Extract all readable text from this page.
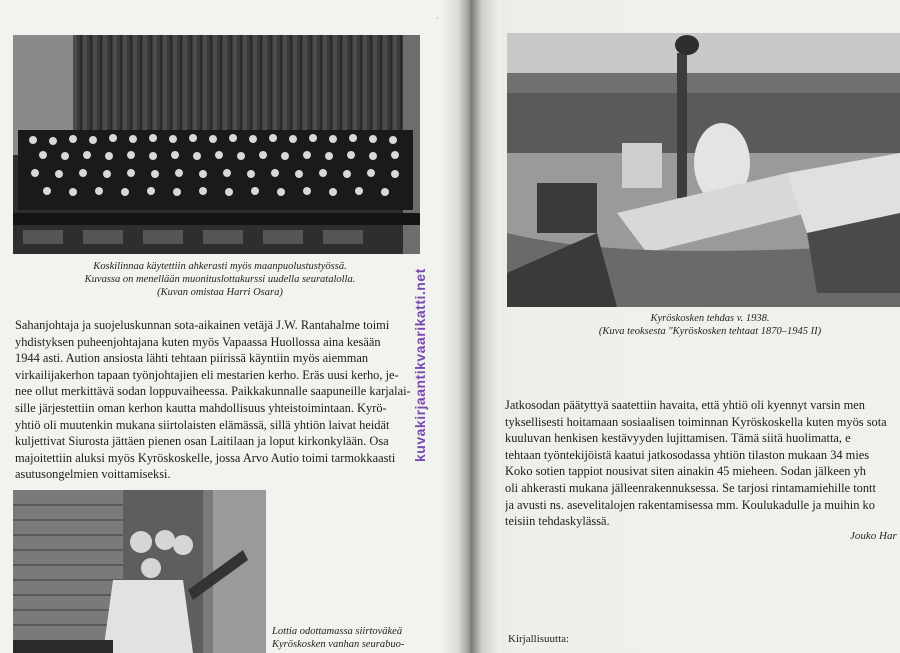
·
Koskilinnaa käytettiin ahkerasti myös maanpuolustustyössä.
Kuvassa on menellään muonituslottakurssi uudella seuratalolla.
(Kuvan omistaa Harri Osara)
Sahanjohtaja ja suojeluskunnan sota-aikainen vetäjä J.W. Rantahalme toimi
yhdistyksen puheenjohtajana kuten myös Vapaassa Huollossa aina kesään
1944 asti. Aution ansiosta lähti tehtaan piirissä käyntiin myös aiemman
virkailijakerhon tapaan työnjohtajien eli mestarien kerho. Eräs uusi kerho, je-
nee ollut merkittävä sodan loppuvaiheessa. Paikkakunnalle saapuneille karjalai-
sille järjestettiin oman kerhon kautta mahdollisuus yhteistoimintaan. Kyrö-
yhtiö oli muutenkin mukana siirtolaisten elämässä, sillä yhtiön laivat heidät
kuljettivat Siurosta jättäen pienen osan Laitilaan ja loput kirkonkylään. Osa
majoitettiin aluksi myös Kyröskoskelle, jossa Arvo Autio toimi tarmokkaasti
asutusongelmien voittamiseksi.
Lottia odottamassa siirtoväkeä
Kyröskosken vanhan seurabuo-
kuvakirjaantikvaarikatti.net	Kyröskosken tehdas v. 1938.
(Kuva teoksesta "Kyröskosken tehtaat 1870–1945 II)
Jatkosodan päätyttyä saatettiin havaita, että yhtiö oli kyennyt varsin men
tyksellisesti hoitamaan sosiaalisen toiminnan Kyröskoskella kuten myös sota
kuuluvan henkisen kestävyyden lujittamisen. Tämä siitä huolimatta, e
tehtaan työntekijöistä kaatui jatkosodassa yhtiön tilaston mukaan 34 mies
Koko sotien tappiot nousivat siten ainakin 45 mieheen. Sodan jälkeen yh
oli ahkerasti mukana jälleenrakennuksessa. Se tarjosi rintamamiehille tontt
ja avusti ns. asevelitalojen rakentamisessa mm. Koulukadulle ja muihin ko
teisiin tehdaskylässä.
Jouko Har
Kirjallisuutta:
